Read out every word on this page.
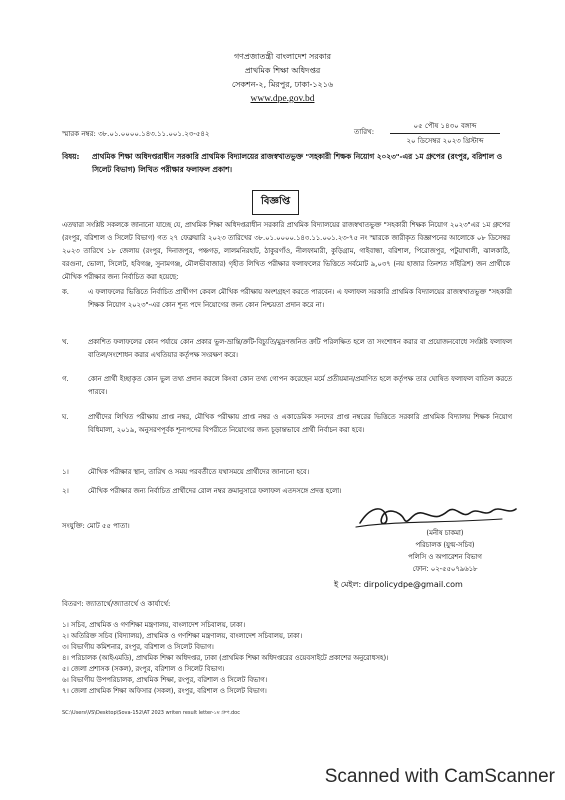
গণপ্রজাতন্ত্রী বাংলাদেশ সরকার
প্রাথমিক শিক্ষা অধিদপ্তর
সেকশন-২, মিরপুর, ঢাকা-১২১৬
www.dpe.gov.bd
স্মারক নম্বর: ৩৮.০১.০০০০.১৪৩.১১.০০১.২৩-৫৪২	তারিখ:
০৫ পৌষ ১৪৩০ বঙ্গাব্দ
২০ ডিসেম্বর ২০২৩ খ্রিস্টাব্দ
বিষয়: প্রাথমিক শিক্ষা অধিদপ্তরাধীন সরকারি প্রাথমিক বিদ্যালয়ের রাজস্বখাতভুক্ত "সহকারী শিক্ষক নিয়োগ ২০২৩"-এর ১ম গ্রুপের (রংপুর, বরিশাল ও সিলেট বিভাগ) লিখিত পরীক্ষার ফলাফল প্রকাশ।
বিজ্ঞপ্তি
এতদ্বারা সংশ্লিষ্ট সকলকে জানানো যাচ্ছে যে, প্রাথমিক শিক্ষা অধিদপ্তরাধীন সরকারি প্রাথমিক বিদ্যালয়ের রাজস্বখাতভুক্ত "সহকারী শিক্ষক নিয়োগ ২০২৩"এর ১ম গ্রুপের (রংপুর, বরিশাল ও সিলেট বিভাগ) গত ২৭ ফেব্রুয়ারি ২০২৩ তারিখের ৩৮.০১.০০০০.১৪৩.১১.০০১.২৩-৭৫ নং স্মারকে জারীকৃত বিজ্ঞাপনের আলোকে ০৮ ডিসেম্বর ২০২৩ তারিখে ১৮ জেলায় (রংপুর, দিনাজপুর, পঞ্চগড়, লালমনিরহাট, ঠাকুরগাঁও, নীলফামারী, কুড়িগ্রাম, গাইবান্ধা, বরিশাল, পিরোজপুর, পটুয়াখালী, ঝালকাঠি, বরগুনা, ভোলা, সিলেট, হবিগঞ্জ, সুনামগঞ্জ, মৌলভীবাজার) গৃহীত লিখিত পরীক্ষার ফলাফলের ভিত্তিতে সর্বমোট ৯,০৩৭ (নয় হাজার তিনশত সাঁইত্রিশ) জন প্রার্থীকে মৌখিক পরীক্ষার জন্য নির্বাচিত করা হয়েছে:
ক.	এ ফলাফলের ভিত্তিতে নির্বাচিত প্রার্থীগণ কেবল মৌখিক পরীক্ষায় অংশগ্রহণ করতে পারবেন। এ ফলাফল সরকারি প্রাথমিক বিদ্যালয়ের রাজস্বখাতভুক্ত "সহকারী শিক্ষক নিয়োগ ২০২৩"-এর কোন শূন্য পদে নিয়োগের জন্য কোন নিশ্চয়তা প্রদান করে না।
খ.	প্রকাশিত ফলাফলের কোন পর্যায়ে কোন প্রকার ভুল-ভ্রান্তি/ক্রটি-বিচ্যুতি/মুদ্রণজনিত ক্রটি পরিলক্ষিত হলে তা সংশোধন করার বা প্রয়োজনবোধে সংশ্লিষ্ট ফলাফল বাতিল/সংশোধন করার এখতিয়ার কর্তৃপক্ষ সংরক্ষণ করে।
গ.	কোন প্রার্থী ইচ্ছাকৃত কোন ভুল তথ্য প্রদান করলে কিংবা কোন তথ্য গোপন করেছেন মর্মে প্রতীয়মান/প্রমাণিত হলে কর্তৃপক্ষ তার ঘোষিত ফলাফল বাতিল করতে পারবে।
ঘ.	প্রার্থীদের লিখিত পরীক্ষায় প্রাপ্ত নম্বর, মৌখিক পরীক্ষায় প্রাপ্ত নম্বর ও একাডেমিক সনদের প্রাপ্ত নম্বরের ভিত্তিতে সরকারি প্রাথমিক বিদ্যালয় শিক্ষক নিয়োগ বিধিমালা, ২০১৯, অনুসরণপূর্বক শূন্যপদের বিপরীতে নিয়োগের জন্য চূড়ান্তভাবে প্রার্থী নির্বাচন করা হবে।
১।	মৌখিক পরীক্ষার স্থান, তারিখ ও সময় পরবর্তীতে যথাসময়ে প্রার্থীদের জানানো হবে।
২।	মৌখিক পরীক্ষার জন্য নির্বাচিত প্রার্থীদের রোল নম্বর ক্রমানুসারে ফলাফল এতদসঙ্গে প্রদত্ত হলো।
সংযুক্তি: মোট ৫৫ পাতা।
(মনীষ চাকমা)
পরিচালক (যুগ্ম-সচিব)
পলিসি ও অপারেশন বিভাগ
ফোন: ০২-৫৫০৭৯৬১৮
ই মেইল: dirpolicydpe@gmail.com
বিতরণ: জ্যাতার্থে/জ্যাতার্থে ও কার্যার্থে:
১। সচিব, প্রাথমিক ও গণশিক্ষা মন্ত্রণালয়, বাংলাদেশ সচিবালয়, ঢাকা।
২। অতিরিক্ত সচিব (বিদ্যালয়), প্রাথমিক ও গণশিক্ষা মন্ত্রণালয়, বাংলাদেশ সচিবালয়, ঢাকা।
৩। বিভাগীয় কমিশনার, রংপুর, বরিশাল ও সিলেট বিভাগ।
৪। পরিচালক (আইএমডি), প্রাথমিক শিক্ষা অধিদপ্তর, ঢাকা (প্রাথমিক শিক্ষা অধিদপ্তরের ওয়েবসাইটে প্রকাশের অনুরোধসহ)।
৫। জেলা প্রশাসক (সকল), রংপুর, বরিশাল ও সিলেট বিভাগ।
৬। বিভাগীয় উপপরিচালক, প্রাথমিক শিক্ষা, রংপুর, বরিশাল ও সিলেট বিভাগ।
৭। জেলা প্রাথমিক শিক্ষা অফিসার (সকল), রংপুর, বরিশাল ও সিলেট বিভাগ।
SC:\Users\VS\Desktop\Sova-152\AT 2023 writen result letter-১ম গ্রুপ.doc
Scanned with CamScanner
